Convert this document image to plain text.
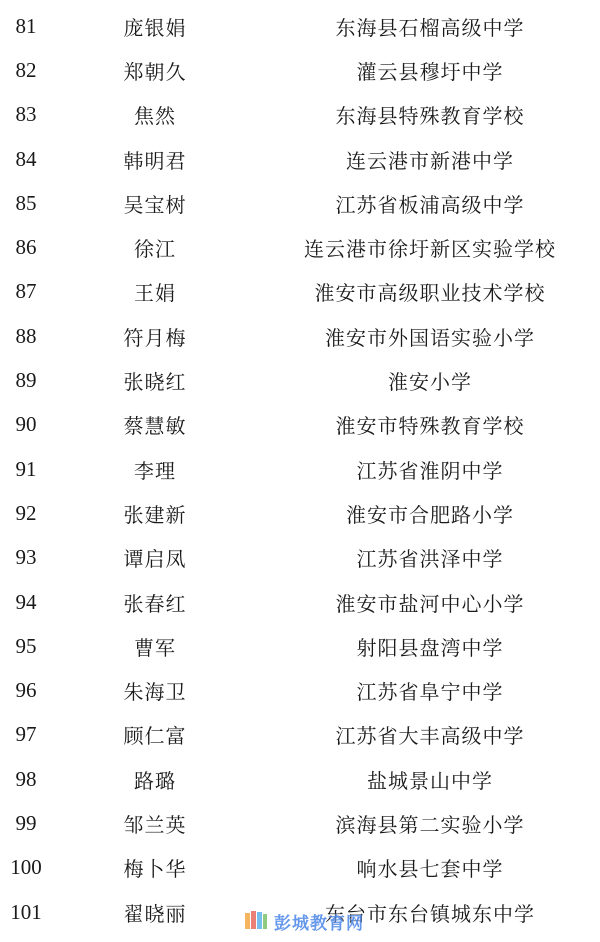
81	庞银娟	东海县石榴高级中学
82	郑朝久	灌云县穆圩中学
83	焦然	东海县特殊教育学校
84	韩明君	连云港市新港中学
85	吴宝树	江苏省板浦高级中学
86	徐江	连云港市徐圩新区实验学校
87	王娟	淮安市高级职业技术学校
88	符月梅	淮安市外国语实验小学
89	张晓红	淮安小学
90	蔡慧敏	淮安市特殊教育学校
91	李理	江苏省淮阴中学
92	张建新	淮安市合肥路小学
93	谭启凤	江苏省洪泽中学
94	张春红	淮安市盐河中心小学
95	曹军	射阳县盘湾中学
96	朱海卫	江苏省阜宁中学
97	顾仁富	江苏省大丰高级中学
98	路璐	盐城景山中学
99	邹兰英	滨海县第二实验小学
100	梅卜华	响水县七套中学
101	翟晓丽	东台市东台镇城东中学
彭城教育网
